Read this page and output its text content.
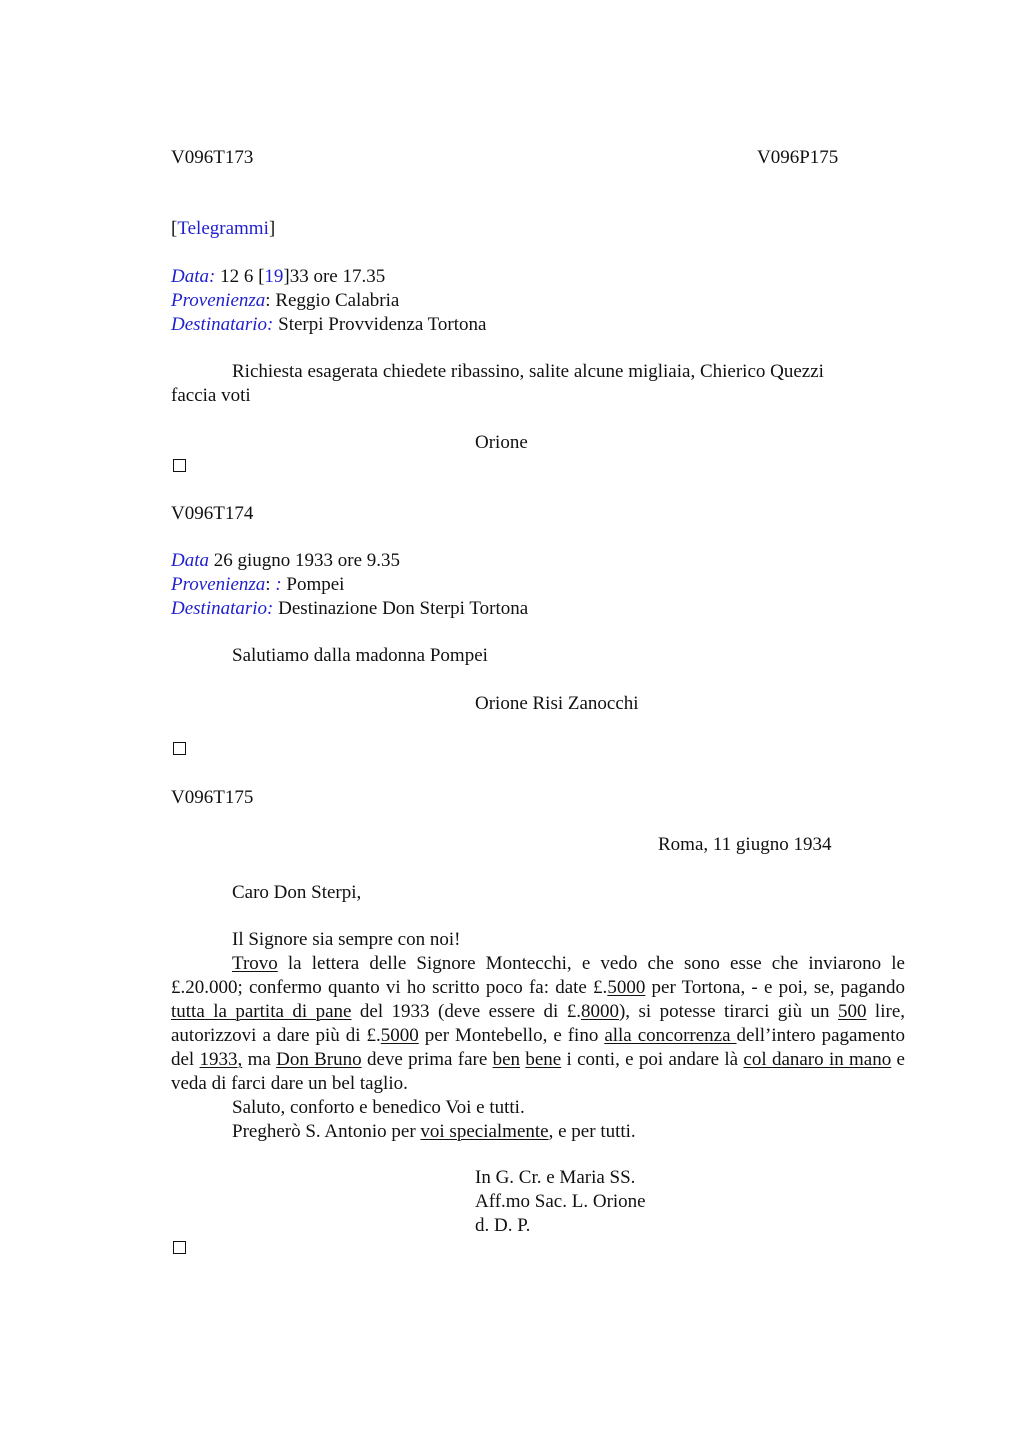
V096T173	V096P175
[Telegrammi]
Data: 12 6 [19]33 ore 17.35
Provenienza: Reggio Calabria
Destinatario: Sterpi Provvidenza Tortona
Richiesta esagerata chiedete ribassino, salite alcune migliaia, Chierico Quezzi
faccia voti
Orione
V096T174
Data 26 giugno 1933 ore 9.35
Provenienza: : Pompei
Destinatario: Destinazione Don Sterpi Tortona
Salutiamo dalla madonna Pompei
Orione Risi Zanocchi
V096T175
Roma, 11 giugno 1934
Caro Don Sterpi,

Il Signore sia sempre con noi!

Trovo la lettera delle Signore Montecchi, e vedo che sono esse che inviarono le £.20.000; confermo quanto vi ho scritto poco fa: date £.5000 per Tortona, - e poi, se, pagando tutta la partita di pane del 1933 (deve essere di £.8000), si potesse tirarci giù un 500 lire, autorizzovi a dare più di £.5000 per Montebello, e fino alla concorrenza dell’intero pagamento del 1933, ma Don Bruno deve prima fare ben bene i conti, e poi andare là col danaro in mano e veda di farci dare un bel taglio.

Saluto, conforto e benedico Voi e tutti.

Pregherò S. Antonio per voi specialmente, e per tutti.

In G. Cr. e Maria SS.
Aff.mo Sac. L. Orione
d. D. P.
